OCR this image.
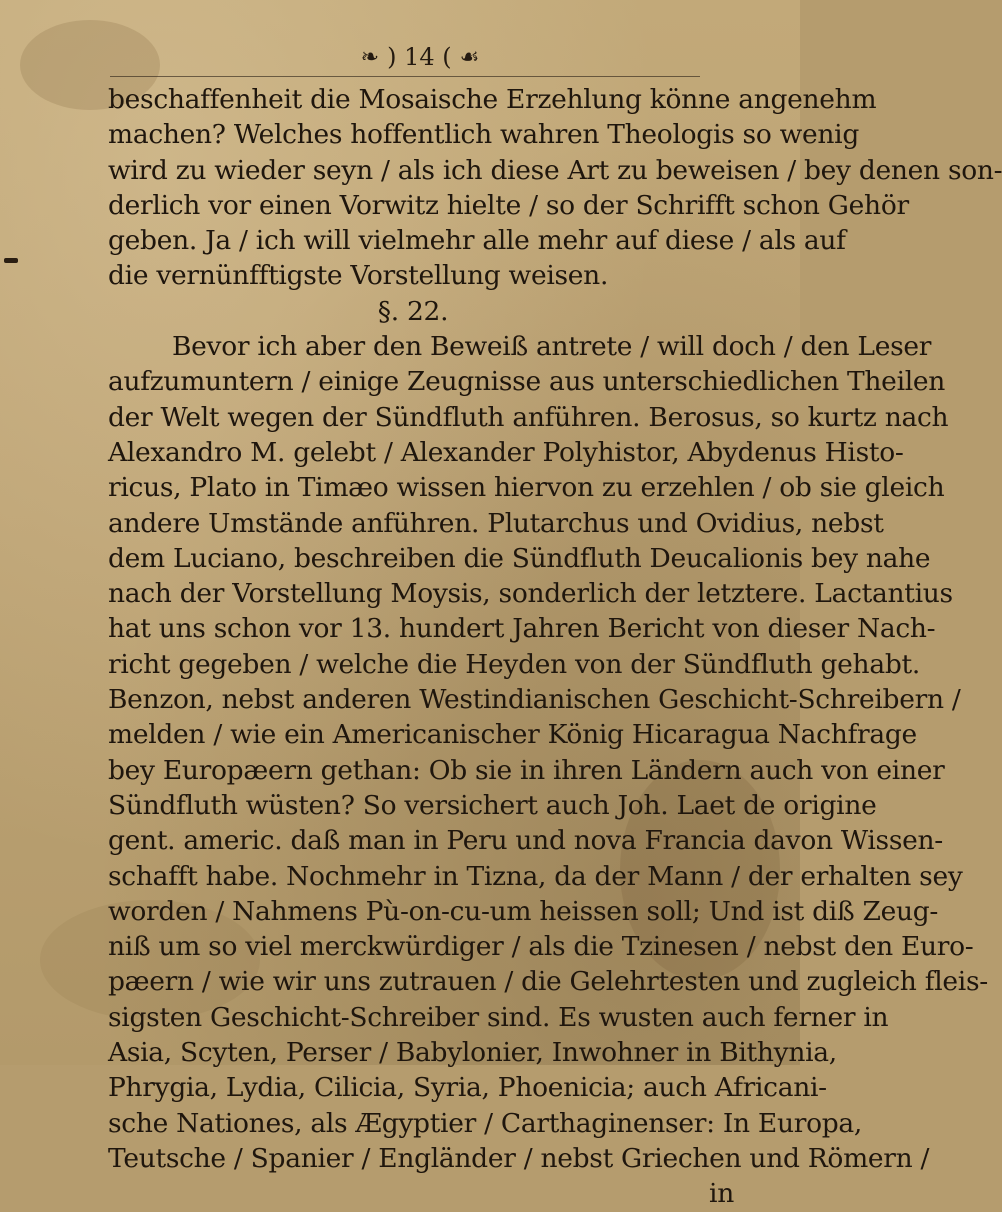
❧ ) 14 ( ☙
beschaffenheit die Mosaische Erzehlung könne angenehm
machen? Welches hoffentlich wahren Theologis so wenig
wird zu wieder seyn / als ich diese Art zu beweisen / bey denen son-
derlich vor einen Vorwitz hielte / so der Schrifft schon Gehör
geben. Ja / ich will vielmehr alle mehr auf diese / als auf
die vernünfftigste Vorstellung weisen.
§. 22.
Bevor ich aber den Beweiß antrete / will doch / den Leser
aufzumuntern / einige Zeugnisse aus unterschiedlichen Theilen
der Welt wegen der Sündfluth anführen. Berosus, so kurtz nach
Alexandro M. gelebt / Alexander Polyhistor, Abydenus Histo-
ricus, Plato in Timæo wissen hiervon zu erzehlen / ob sie gleich
andere Umstände anführen. Plutarchus und Ovidius, nebst
dem Luciano, beschreiben die Sündfluth Deucalionis bey nahe
nach der Vorstellung Moysis, sonderlich der letztere. Lactantius
hat uns schon vor 13. hundert Jahren Bericht von dieser Nach-
richt gegeben / welche die Heyden von der Sündfluth gehabt.
Benzon, nebst anderen Westindianischen Geschicht-Schreibern /
melden / wie ein Americanischer König Hicaragua Nachfrage
bey Europæern gethan: Ob sie in ihren Ländern auch von einer
Sündfluth wüsten? So versichert auch Joh. Laet de origine
gent. americ. daß man in Peru und nova Francia davon Wissen-
schafft habe. Nochmehr in Tizna, da der Mann / der erhalten sey
worden / Nahmens Pù-on-cu-um heissen soll; Und ist diß Zeug-
niß um so viel merckwürdiger / als die Tzinesen / nebst den Euro-
pæern / wie wir uns zutrauen / die Gelehrtesten und zugleich fleis-
sigsten Geschicht-Schreiber sind. Es wusten auch ferner in
Asia, Scyten, Perser / Babylonier, Inwohner in Bithynia,
Phrygia, Lydia, Cilicia, Syria, Phoenicia; auch Africani-
sche Nationes, als Ægyptier / Carthaginenser: In Europa,
Teutsche / Spanier / Engländer / nebst Griechen und Römern /
in
